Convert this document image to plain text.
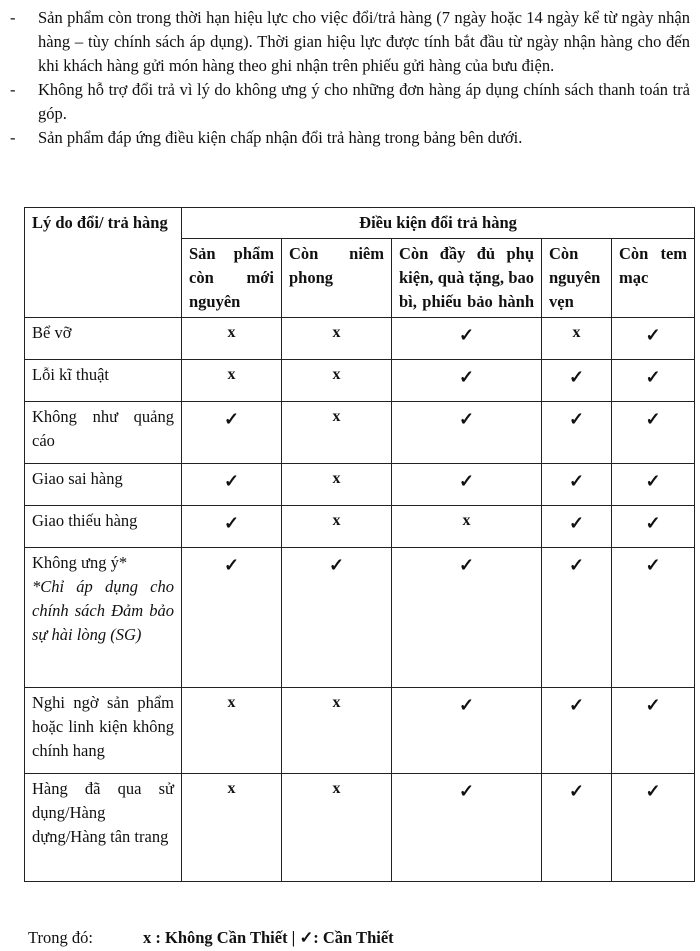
- Sản phẩm còn trong thời hạn hiệu lực cho việc đổi/trả hàng (7 ngày hoặc 14 ngày kể từ ngày nhận hàng – tùy chính sách áp dụng). Thời gian hiệu lực được tính bắt đầu từ ngày nhận hàng cho đến khi khách hàng gửi món hàng theo ghi nhận trên phiếu gửi hàng của bưu điện.
- Không hỗ trợ đổi trả vì lý do không ưng ý cho những đơn hàng áp dụng chính sách thanh toán trả góp.
- Sản phẩm đáp ứng điều kiện chấp nhận đổi trả hàng trong bảng bên dưới.
Lý do đổi/ trả hàng	Điều kiện đổi trả hàng				
	Sản phẩm còn mới nguyên	Còn niêm phong	Còn đầy đủ phụ kiện, quà tặng, bao bì, phiếu bảo hành	Còn nguyên vẹn	Còn tem mạc
Bể vỡ	x	x	✓	x	✓
Lỗi kĩ thuật	x	x	✓	✓	✓
Không như quảng cáo	✓	x	✓	✓	✓
Giao sai hàng	✓	x	✓	✓	✓
Giao thiếu hàng	✓	x	x	✓	✓
Không ưng ý*
*Chỉ áp dụng cho chính sách Đảm bảo sự hài lòng (SG)	✓	✓	✓	✓	✓
Nghi ngờ sản phẩm hoặc linh kiện không chính hang	x	x	✓	✓	✓
Hàng đã qua sử dụng/Hàng dựng/Hàng tân trang	x	x	✓	✓	✓
Trong đó:	x : Không Cần Thiết | ✓: Cần Thiết
